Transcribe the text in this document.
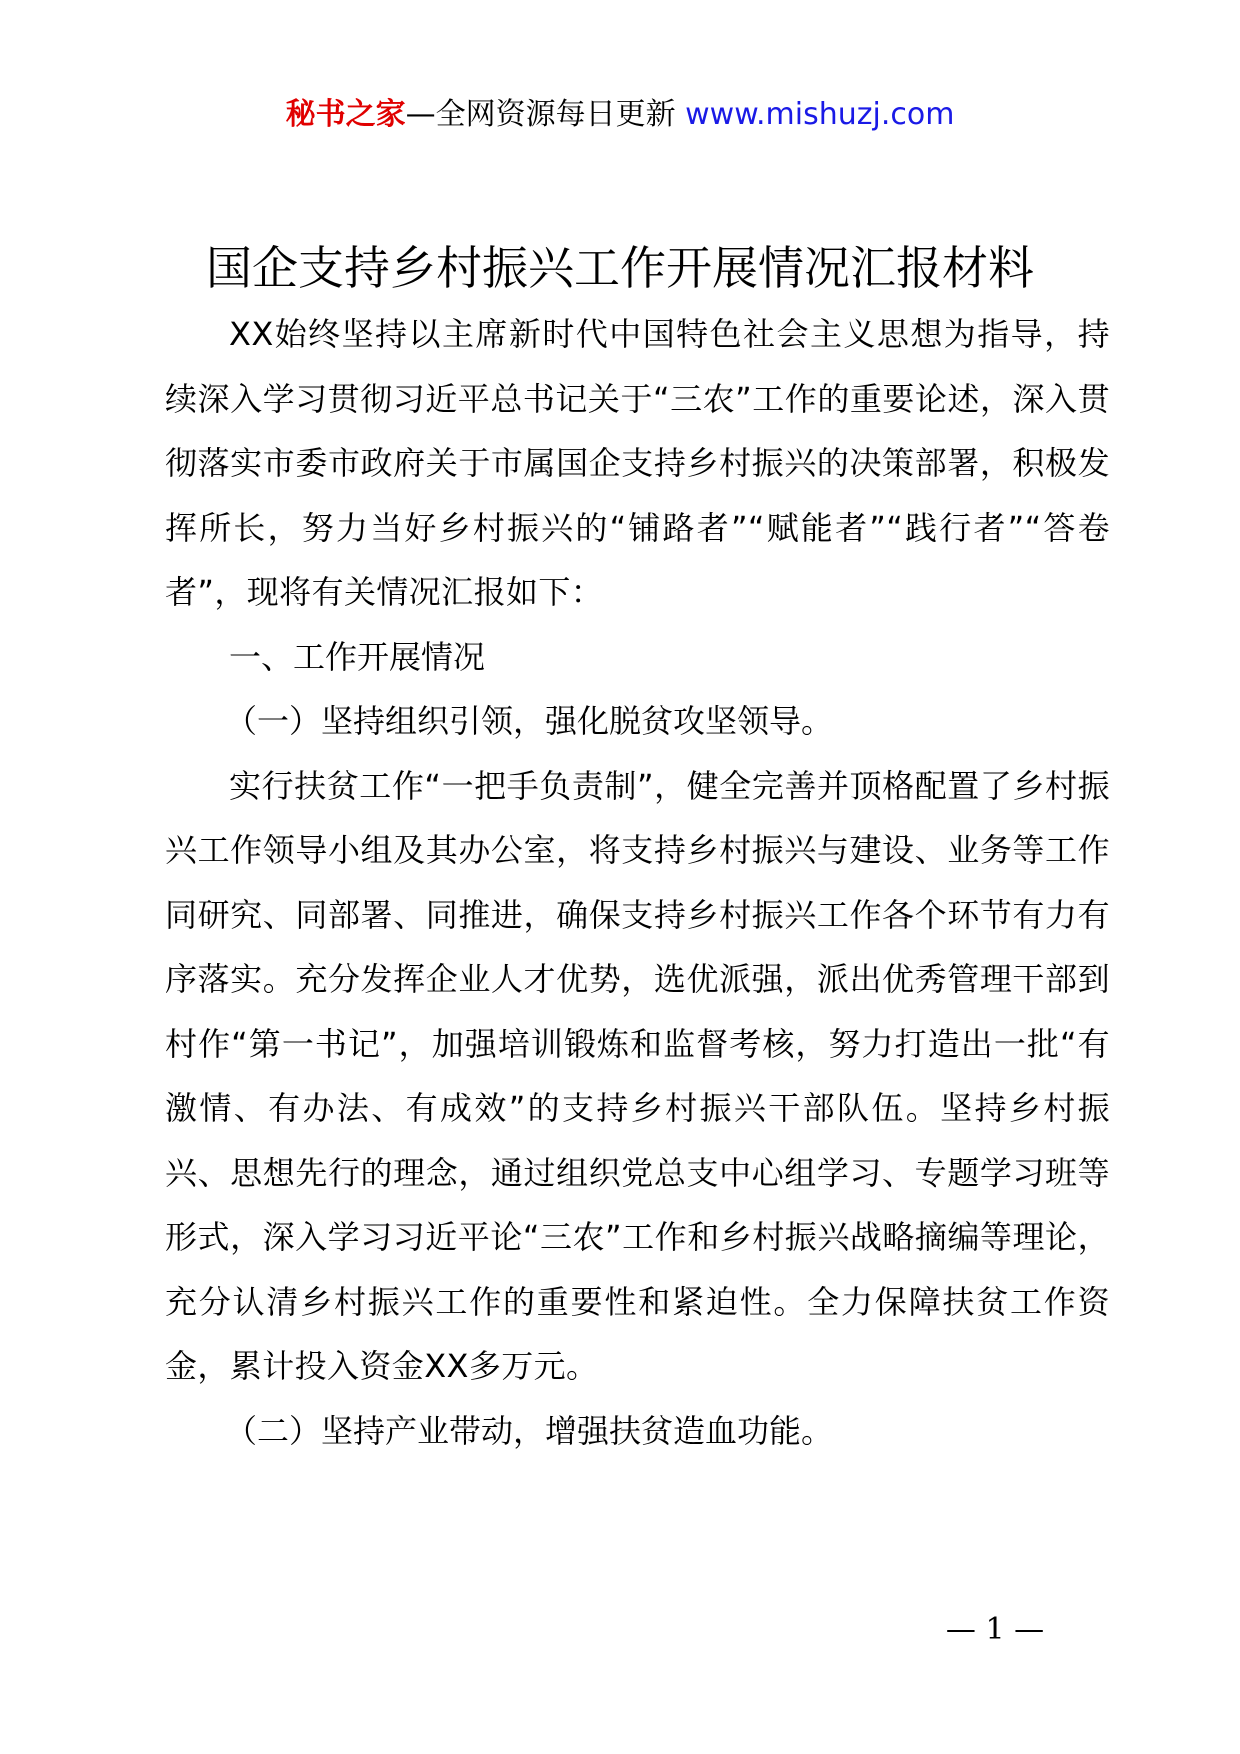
秘书之家—全网资源每日更新 www.mishuzj.com
国企支持乡村振兴工作开展情况汇报材料

XX始终坚持以主席新时代中国特色社会主义思想为指导，持续深入学习贯彻习近平总书记关于“三农”工作的重要论述，深入贯彻落实市委市政府关于市属国企支持乡村振兴的决策部署，积极发挥所长，努力当好乡村振兴的“铺路者”“赋能者”“践行者”“答卷者”，现将有关情况汇报如下：

一、工作开展情况

（一）坚持组织引领，强化脱贫攻坚领导。

实行扶贫工作“一把手负责制”，健全完善并顶格配置了乡村振兴工作领导小组及其办公室，将支持乡村振兴与建设、业务等工作同研究、同部署、同推进，确保支持乡村振兴工作各个环节有力有序落实。充分发挥企业人才优势，选优派强，派出优秀管理干部到村作“第一书记”，加强培训锻炼和监督考核，努力打造出一批“有激情、有办法、有成效”的支持乡村振兴干部队伍。坚持乡村振兴、思想先行的理念，通过组织党总支中心组学习、专题学习班等形式，深入学习习近平论“三农”工作和乡村振兴战略摘编等理论，充分认清乡村振兴工作的重要性和紧迫性。全力保障扶贫工作资金，累计投入资金XX多万元。

（二）坚持产业带动，增强扶贫造血功能。

— 1 —
